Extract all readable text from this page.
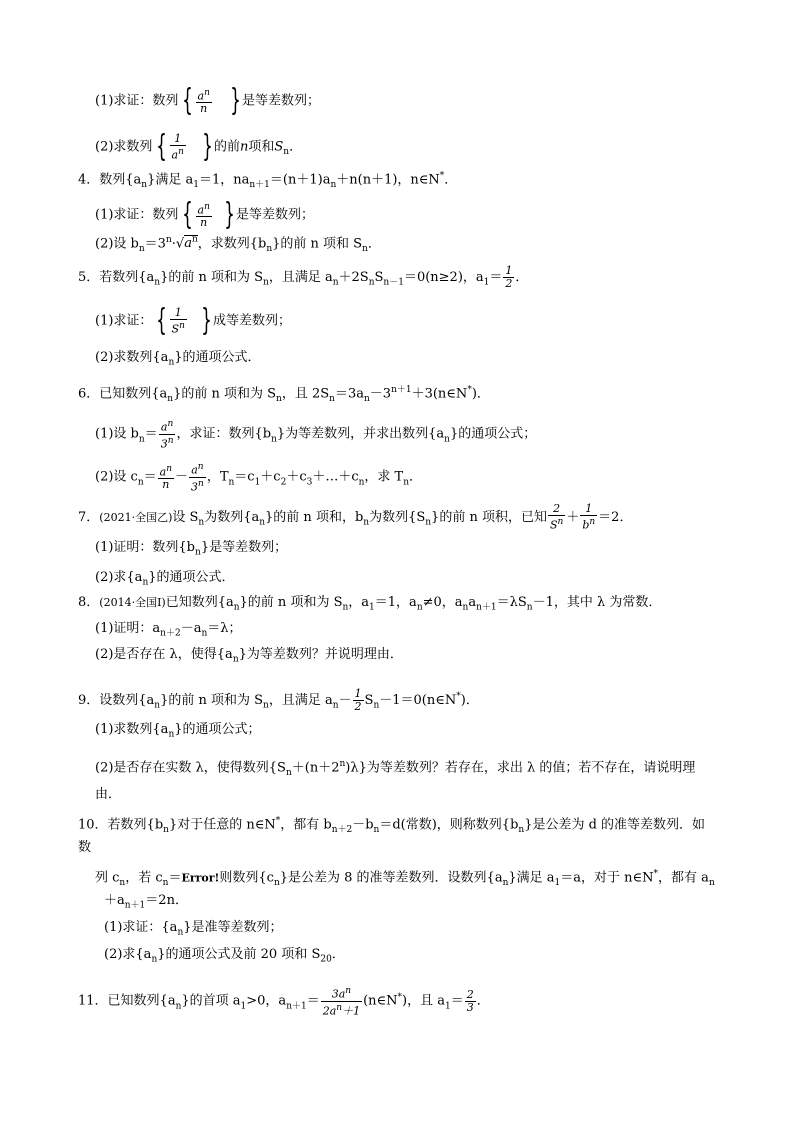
(1)求证：数列 { $\frac{a^n}{n}$ }是等差数列；
(2)求数列 { $\frac{1}{a^n}$ }的前n项和$S_n$．
4．数列$\{a_n\}$满足 $a_1=1$，$na_{n+1}=(n+1)a_n+n(n+1)$，n∈N*．
(1)求证：数列 { $\frac{a^n}{n}$ }是等差数列；
(2)设 $b_n=3^n\cdot√a^n$，求数列$\{b_n\}$的前 n 项和 $S_n$．
5．若数列$\{a_n\}$的前 n 项和为 $S_n$，且满足 $a_n+2S_nS_{n-1}=0(n\ge 2)$，$a_1= \frac{1}{2}$ ．
(1)求证： { $\frac{1}{S^n}$ }成等差数列；
(2)求数列$\{a_n\}$的通项公式．
6．已知数列$\{a_n\}$的前 n 项和为 $S_n$，且 $2S_n=3a_n-3^{n+1}+3(n\in N^*)$．
(1)设 $b_n= \frac{a^n}{3^n}$ ，求证：数列$\{b_n\}$为等差数列，并求出数列$\{a_n\}$的通项公式；
(2)设 $c_n= \frac{a^n}{n} - \frac{a^n}{3^n}$ ，$T_n=c_1+c_2+c_3+\dots+c_n$，求 $T_n$．
7．(2021·全国乙)设 $S_n$为数列$\{a_n\}$的前 n 项和，$b_n$为数列$\{S_n\}$的前 n 项积，已知 $\frac{2}{S^n} + \frac{1}{b^n} =2$．
(1)证明：数列$\{b_n\}$是等差数列；
(2)求$\{a_n\}$的通项公式．
8．(2014·全国Ⅰ)已知数列$\{a_n\}$的前 n 项和为 $S_n$，$a_1=1$，$a_n\ne 0$，$a_na_{n+1}=\lambda S_n-1$，其中 λ 为常数．
(1)证明：$a_{n+2}-a_n=\lambda$；
(2)是否存在 λ，使得$\{a_n\}$为等差数列？并说明理由．
9．设数列$\{a_n\}$的前 n 项和为 $S_n$，且满足 $a_n- \frac{1}{2}$ $S_n-1=0(n\in N^*)$．
(1)求数列$\{a_n\}$的通项公式；
(2)是否存在实数 λ，使得数列$\{S_n+(n+2^n)\lambda\}$为等差数列？若存在，求出 λ 的值；若不存在，请说明理
由．
10．若数列$\{b_n\}$对于任意的 n∈N*，都有 $b_{n+2}-b_n=d$(常数)，则称数列$\{b_n\}$是公差为 d 的准等差数列．如
数
列 $c_n$，若 $c_n=Error$!则数列$\{c_n\}$是公差为 8 的准等差数列．设数列$\{a_n\}$满足 $a_1=a$，对于 n∈N*，都有 $a_n$
$+a_{n+1}=2n$．
(1)求证：$\{a_n\}$是准等差数列；
(2)求$\{a_n\}$的通项公式及前 20 项和 $S_{20}$．
11．已知数列$\{a_n\}$的首项 $a_1>0$，$a_{n+1}= \frac{3a^n}{2a^n+1}$ (n∈N*)，且 $a_1= \frac{2}{3}$ ．
